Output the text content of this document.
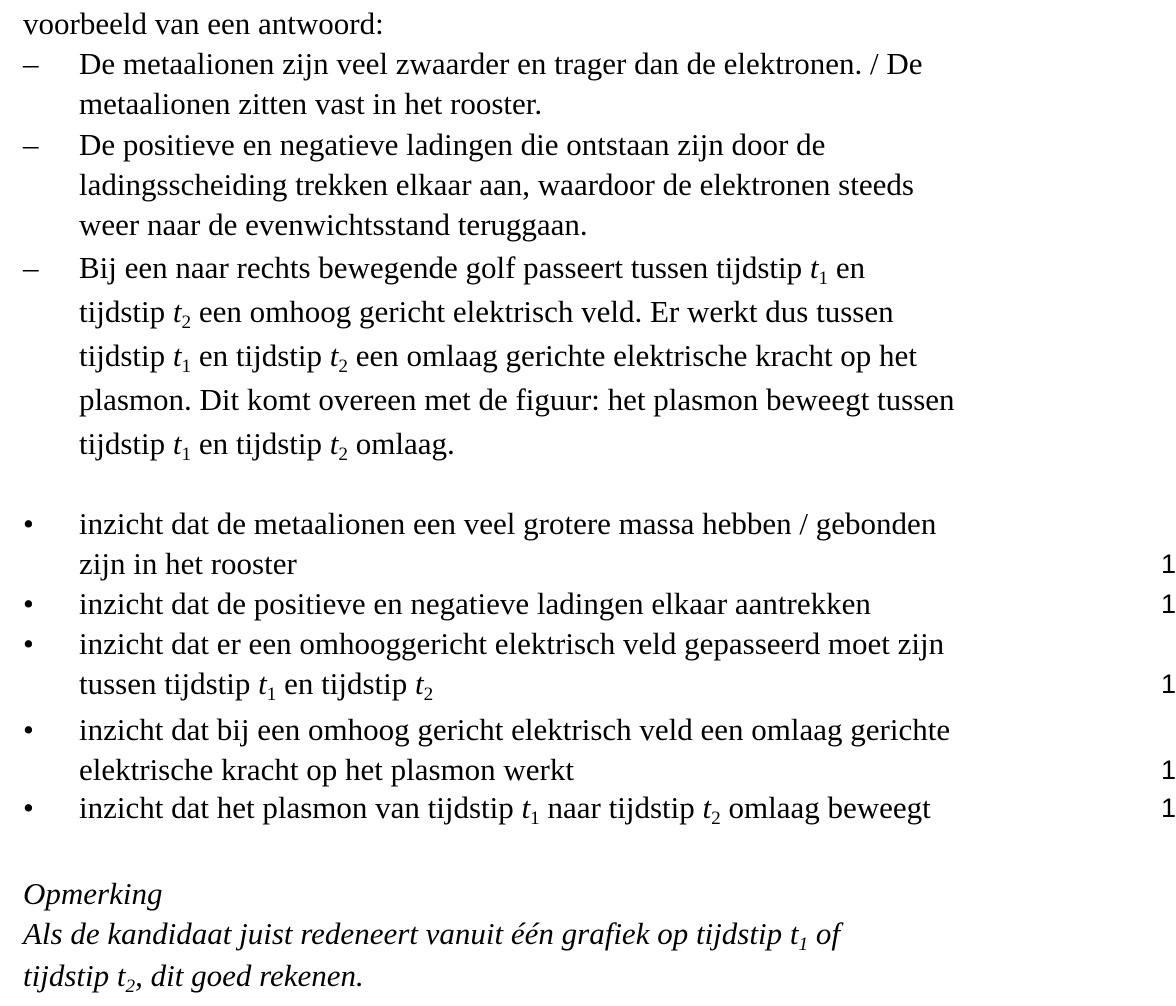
voorbeeld van een antwoord:
–	De metaalionen zijn veel zwaarder en trager dan de elektronen. / De
metaalionen zitten vast in het rooster.
–	De positieve en negatieve ladingen die ontstaan zijn door de
ladingsscheiding trekken elkaar aan, waardoor de elektronen steeds
weer naar de evenwichtsstand teruggaan.
–	Bij een naar rechts bewegende golf passeert tussen tijdstip $t_1$ en
tijdstip $t_2$ een omhoog gericht elektrisch veld. Er werkt dus tussen
tijdstip $t_1$ en tijdstip $t_2$ een omlaag gerichte elektrische kracht op het
plasmon. Dit komt overeen met de figuur: het plasmon beweegt tussen
tijdstip $t_1$ en tijdstip $t_2$ omlaag.
•	inzicht dat de metaalionen een veel grotere massa hebben / gebonden
zijn in het rooster	1
•	inzicht dat de positieve en negatieve ladingen elkaar aantrekken	1
•	inzicht dat er een omhooggericht elektrisch veld gepasseerd moet zijn
tussen tijdstip $t_1$ en tijdstip $t_2$	1
•	inzicht dat bij een omhoog gericht elektrisch veld een omlaag gerichte
elektrische kracht op het plasmon werkt	1
•	inzicht dat het plasmon van tijdstip $t_1$ naar tijdstip $t_2$ omlaag beweegt	1
Opmerking
Als de kandidaat juist redeneert vanuit één grafiek op tijdstip $t_1$ of
tijdstip $t_2$, dit goed rekenen.
